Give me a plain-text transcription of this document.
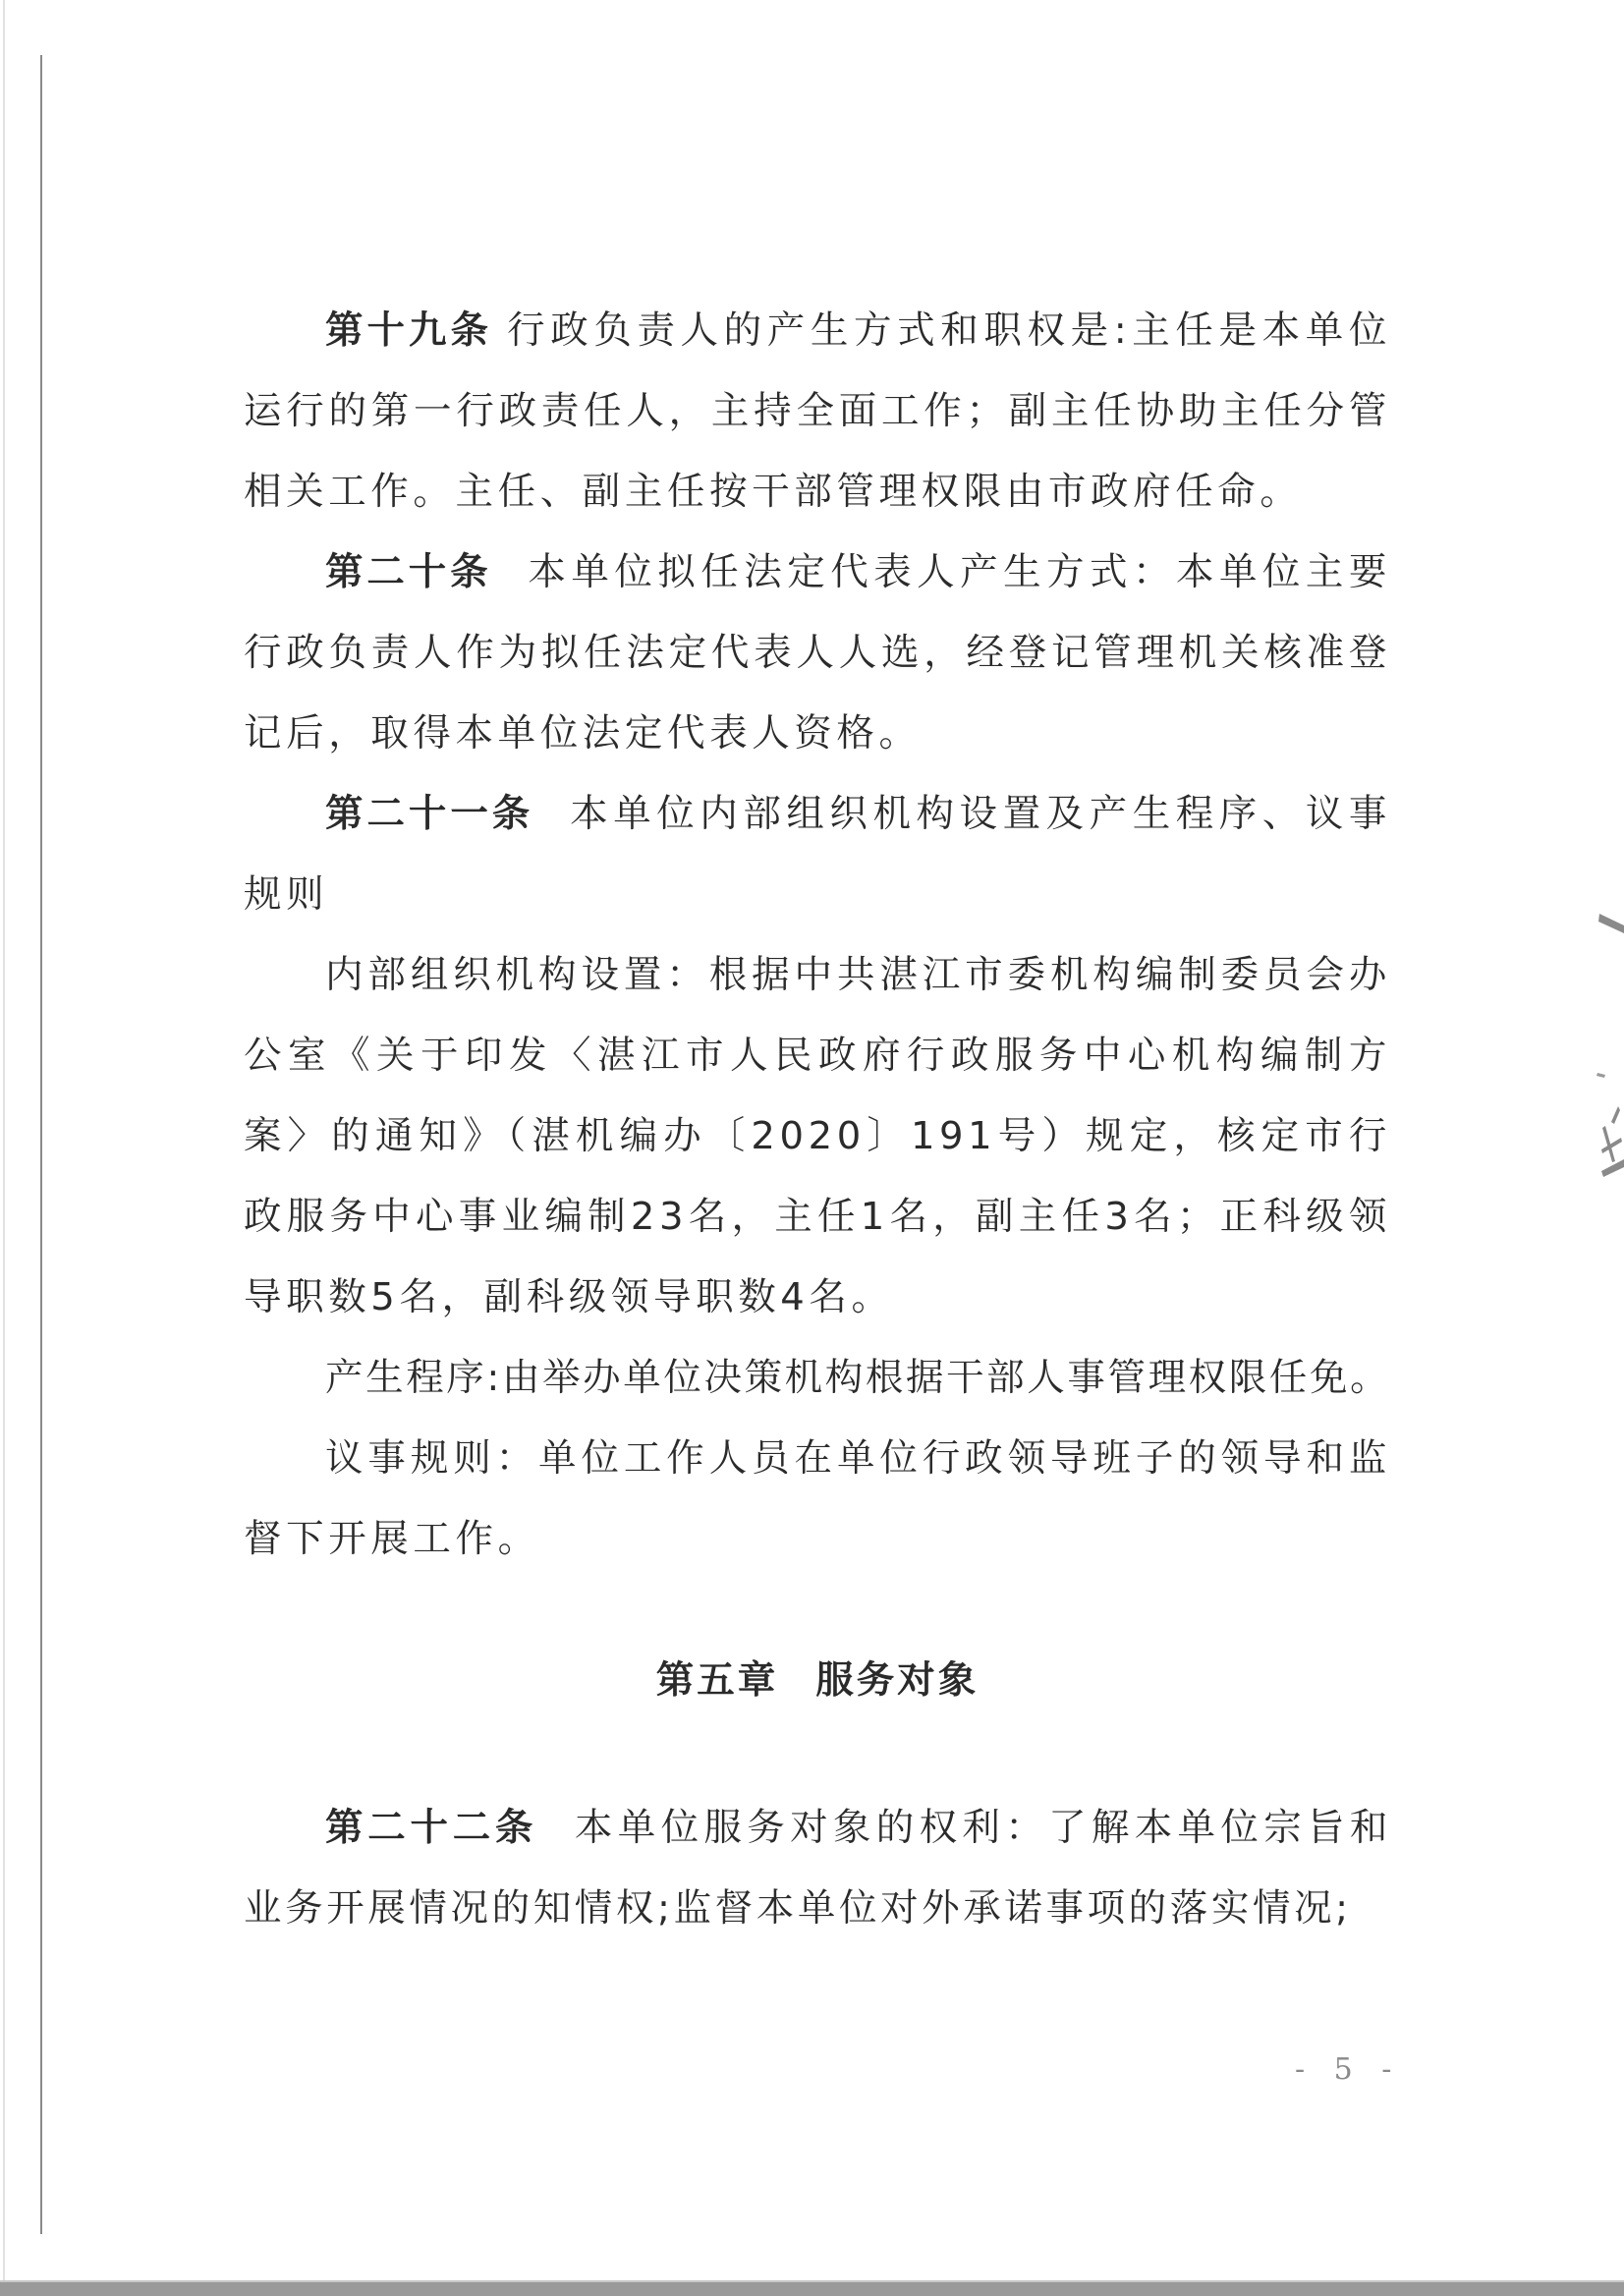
第十九条 行政负责人的产生方式和职权是:主任是本单位运行的第一行政责任人，主持全面工作；副主任协助主任分管相关工作。主任、副主任按干部管理权限由市政府任命。

第二十条 本单位拟任法定代表人产生方式：本单位主要行政负责人作为拟任法定代表人人选，经登记管理机关核准登记后，取得本单位法定代表人资格。

第二十一条 本单位内部组织机构设置及产生程序、议事规则

内部组织机构设置：根据中共湛江市委机构编制委员会办公室《关于印发〈湛江市人民政府行政服务中心机构编制方案〉的通知》（湛机编办〔2020〕191号）规定，核定市行政服务中心事业编制23名，主任1名，副主任3名；正科级领导职数5名，副科级领导职数4名。

产生程序:由举办单位决策机构根据干部人事管理权限任免。

议事规则：单位工作人员在单位行政领导班子的领导和监督下开展工作。

第五章 服务对象

第二十二条 本单位服务对象的权利：了解本单位宗旨和业务开展情况的知情权;监督本单位对外承诺事项的落实情况;

- 5 -
